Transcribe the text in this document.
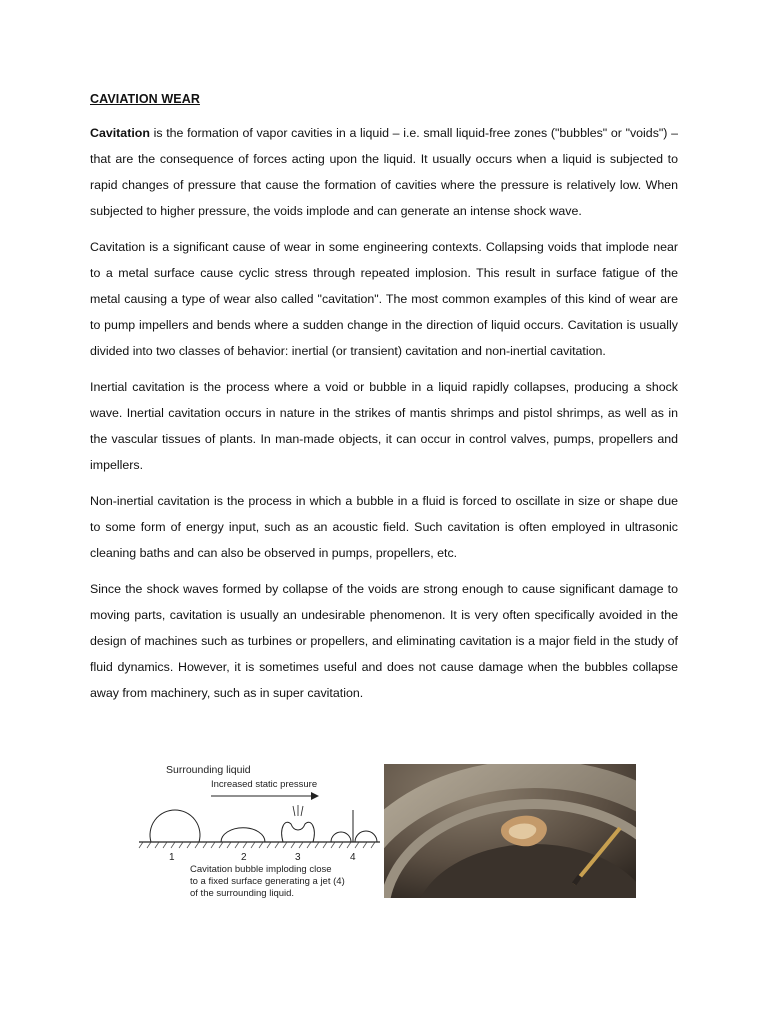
CAVIATION WEAR

Cavitation is the formation of vapor cavities in a liquid – i.e. small liquid-free zones ("bubbles" or "voids") – that are the consequence of forces acting upon the liquid. It usually occurs when a liquid is subjected to rapid changes of pressure that cause the formation of cavities where the pressure is relatively low. When subjected to higher pressure, the voids implode and can generate an intense shock wave.

Cavitation is a significant cause of wear in some engineering contexts. Collapsing voids that implode near to a metal surface cause cyclic stress through repeated implosion. This result in surface fatigue of the metal causing a type of wear also called "cavitation". The most common examples of this kind of wear are to pump impellers and bends where a sudden change in the direction of liquid occurs. Cavitation is usually divided into two classes of behavior: inertial (or transient) cavitation and non-inertial cavitation.

Inertial cavitation is the process where a void or bubble in a liquid rapidly collapses, producing a shock wave. Inertial cavitation occurs in nature in the strikes of mantis shrimps and pistol shrimps, as well as in the vascular tissues of plants. In man-made objects, it can occur in control valves, pumps, propellers and impellers.

Non-inertial cavitation is the process in which a bubble in a fluid is forced to oscillate in size or shape due to some form of energy input, such as an acoustic field. Such cavitation is often employed in ultrasonic cleaning baths and can also be observed in pumps, propellers, etc.

Since the shock waves formed by collapse of the voids are strong enough to cause significant damage to moving parts, cavitation is usually an undesirable phenomenon. It is very often specifically avoided in the design of machines such as turbines or propellers, and eliminating cavitation is a major field in the study of fluid dynamics. However, it is sometimes useful and does not cause damage when the bubbles collapse away from machinery, such as in super cavitation.

Surrounding liquid
Increased static pressure
1	2	3	4
Cavitation bubble imploding close
to a fixed surface generating a jet (4)
of the surrounding liquid.
